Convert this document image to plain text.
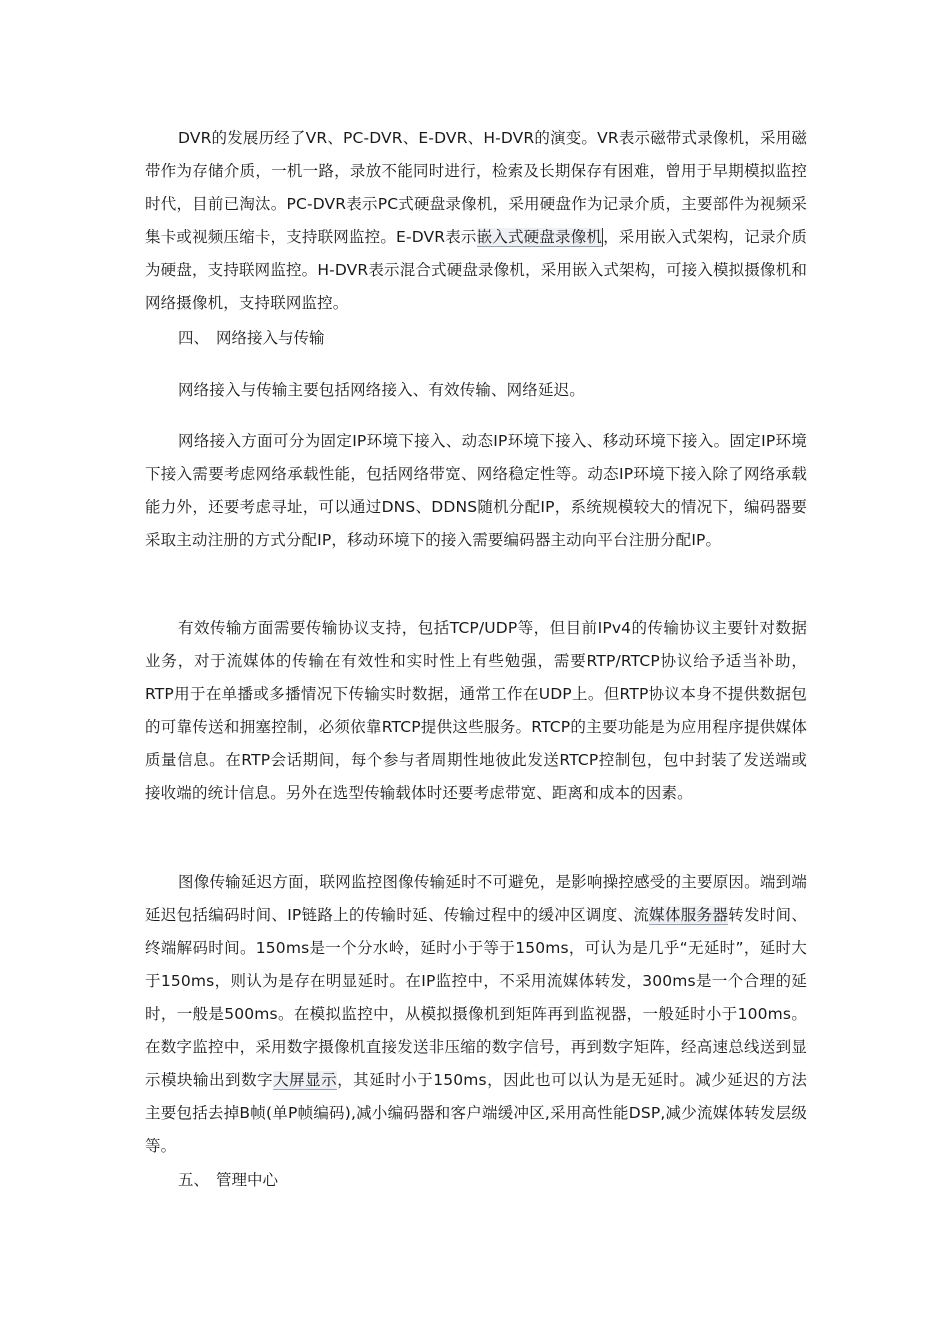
DVR的发展历经了VR、PC-DVR、E-DVR、H-DVR的演变。VR表示磁带式录像机，采用磁带作为存储介质，一机一路，录放不能同时进行，检索及长期保存有困难，曾用于早期模拟监控时代，目前已淘汰。PC-DVR表示PC式硬盘录像机，采用硬盘作为记录介质，主要部件为视频采集卡或视频压缩卡，支持联网监控。E-DVR表示嵌入式硬盘录像机，采用嵌入式架构，记录介质为硬盘，支持联网监控。H-DVR表示混合式硬盘录像机，采用嵌入式架构，可接入模拟摄像机和网络摄像机，支持联网监控。

四、 网络接入与传输

网络接入与传输主要包括网络接入、有效传输、网络延迟。

网络接入方面可分为固定IP环境下接入、动态IP环境下接入、移动环境下接入。固定IP环境下接入需要考虑网络承载性能，包括网络带宽、网络稳定性等。动态IP环境下接入除了网络承载能力外，还要考虑寻址，可以通过DNS、DDNS随机分配IP，系统规模较大的情况下，编码器要采取主动注册的方式分配IP，移动环境下的接入需要编码器主动向平台注册分配IP。

有效传输方面需要传输协议支持，包括TCP/UDP等，但目前IPv4的传输协议主要针对数据业务，对于流媒体的传输在有效性和实时性上有些勉强，需要RTP/RTCP协议给予适当补助，RTP用于在单播或多播情况下传输实时数据，通常工作在UDP上。但RTP协议本身不提供数据包的可靠传送和拥塞控制，必须依靠RTCP提供这些服务。RTCP的主要功能是为应用程序提供媒体质量信息。在RTP会话期间，每个参与者周期性地彼此发送RTCP控制包，包中封装了发送端或接收端的统计信息。另外在选型传输载体时还要考虑带宽、距离和成本的因素。

图像传输延迟方面，联网监控图像传输延时不可避免，是影响操控感受的主要原因。端到端延迟包括编码时间、IP链路上的传输时延、传输过程中的缓冲区调度、流媒体服务器转发时间、终端解码时间。150ms是一个分水岭，延时小于等于150ms，可认为是几乎“无延时”，延时大于150ms，则认为是存在明显延时。在IP监控中，不采用流媒体转发，300ms是一个合理的延时，一般是500ms。在模拟监控中，从模拟摄像机到矩阵再到监视器，一般延时小于100ms。在数字监控中，采用数字摄像机直接发送非压缩的数字信号，再到数字矩阵，经高速总线送到显示模块输出到数字大屏显示，其延时小于150ms，因此也可以认为是无延时。减少延迟的方法主要包括去掉B帧(单P帧编码),减小编码器和客户端缓冲区,采用高性能DSP,减少流媒体转发层级等。

五、 管理中心
